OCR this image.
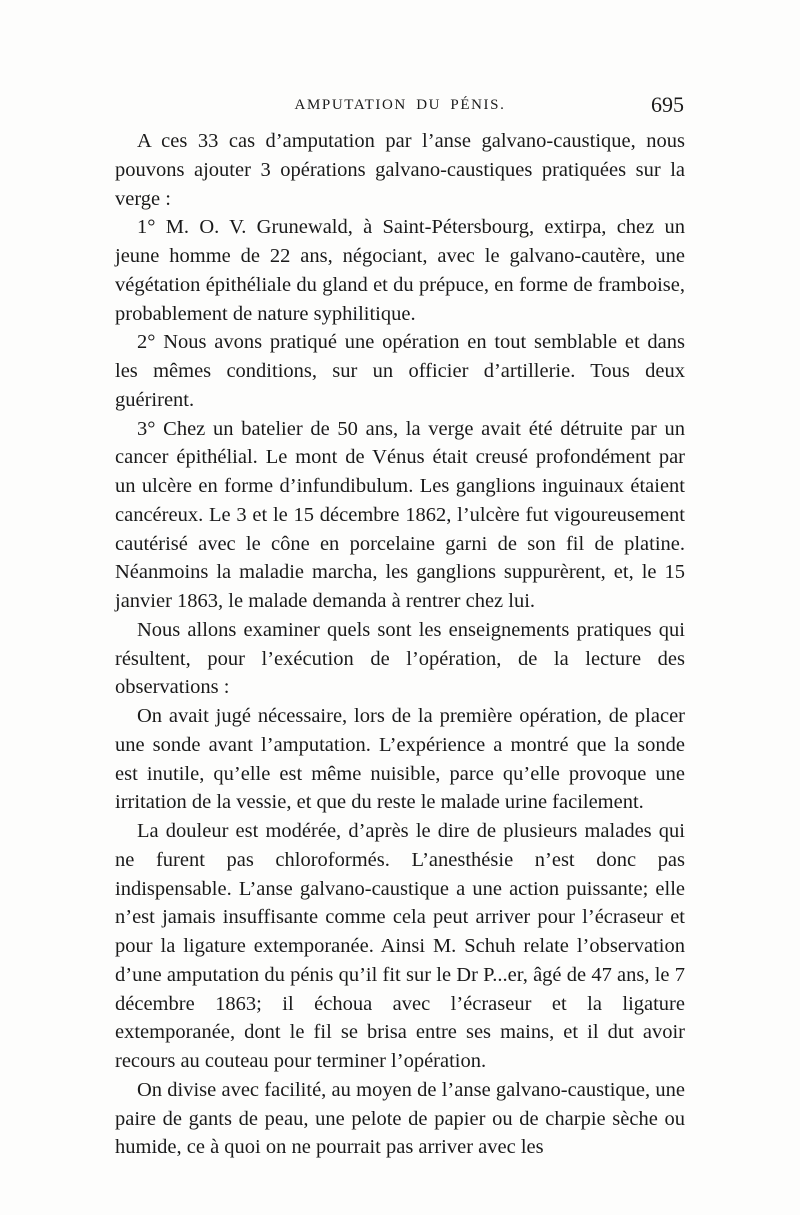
AMPUTATION DU PÉNIS.	695

A ces 33 cas d’amputation par l’anse galvano-caustique, nous pouvons ajouter 3 opérations galvano-caustiques pratiquées sur la verge :

1° M. O. V. Grunewald, à Saint-Pétersbourg, extirpa, chez un jeune homme de 22 ans, négociant, avec le galvano-cautère, une végétation épithéliale du gland et du prépuce, en forme de framboise, probablement de nature syphilitique.

2° Nous avons pratiqué une opération en tout semblable et dans les mêmes conditions, sur un officier d’artillerie. Tous deux guérirent.

3° Chez un batelier de 50 ans, la verge avait été détruite par un cancer épithélial. Le mont de Vénus était creusé profondément par un ulcère en forme d’infundibulum. Les ganglions inguinaux étaient cancéreux. Le 3 et le 15 décembre 1862, l’ulcère fut vigoureusement cautérisé avec le cône en porcelaine garni de son fil de platine. Néanmoins la maladie marcha, les ganglions suppurèrent, et, le 15 janvier 1863, le malade demanda à rentrer chez lui.

Nous allons examiner quels sont les enseignements pratiques qui résultent, pour l’exécution de l’opération, de la lecture des observations :

On avait jugé nécessaire, lors de la première opération, de placer une sonde avant l’amputation. L’expérience a montré que la sonde est inutile, qu’elle est même nuisible, parce qu’elle provoque une irritation de la vessie, et que du reste le malade urine facilement.

La douleur est modérée, d’après le dire de plusieurs malades qui ne furent pas chloroformés. L’anesthésie n’est donc pas indispensable. L’anse galvano-caustique a une action puissante; elle n’est jamais insuffisante comme cela peut arriver pour l’écraseur et pour la ligature extemporanée. Ainsi M. Schuh relate l’observation d’une amputation du pénis qu’il fit sur le Dr P...er, âgé de 47 ans, le 7 décembre 1863; il échoua avec l’écraseur et la ligature extemporanée, dont le fil se brisa entre ses mains, et il dut avoir recours au couteau pour terminer l’opération.

On divise avec facilité, au moyen de l’anse galvano-caustique, une paire de gants de peau, une pelote de papier ou de charpie sèche ou humide, ce à quoi on ne pourrait pas arriver avec les
